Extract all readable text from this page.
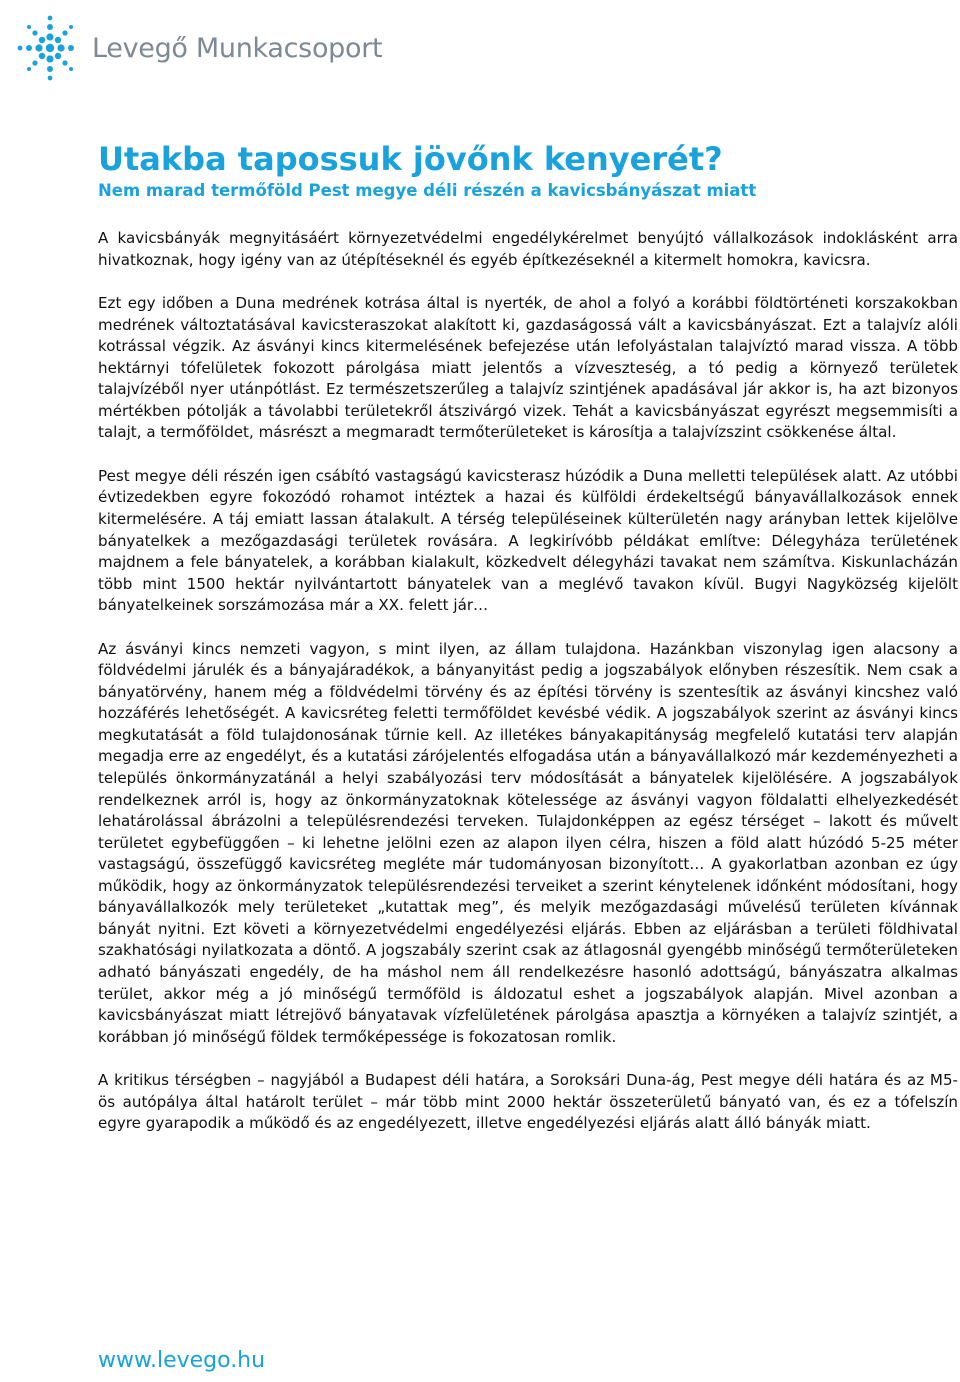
Levegő Munkacsoport
Utakba tapossuk jövőnk kenyerét?
Nem marad termőföld Pest megye déli részén a kavicsbányászat miatt

A kavicsbányák megnyitásáért környezetvédelmi engedélykérelmet benyújtó vállalkozások indoklásként arra hivatkoznak, hogy igény van az útépítéseknél és egyéb építkezéseknél a kitermelt homokra, kavicsra.

Ezt egy időben a Duna medrének kotrása által is nyerték, de ahol a folyó a korábbi földtörténeti korszakokban medrének változtatásával kavicsteraszokat alakított ki, gazdaságossá vált a kavicsbányászat. Ezt a talajvíz alóli kotrással végzik. Az ásványi kincs kitermelésének befejezése után lefolyástalan talajvíztó marad vissza. A több hektárnyi tófelületek fokozott párolgása miatt jelentős a vízveszteség, a tó pedig a környező területek talajvízéből nyer utánpótlást. Ez természetszerűleg a talajvíz szintjének apadásával jár akkor is, ha azt bizonyos mértékben pótolják a távolabbi területekről átszivárgó vizek. Tehát a kavicsbányászat egyrészt megsemmisíti a talajt, a termőföldet, másrészt a megmaradt termőterületeket is károsítja a talajvízszint csökkenése által.

Pest megye déli részén igen csábító vastagságú kavicsterasz húzódik a Duna melletti települések alatt. Az utóbbi évtizedekben egyre fokozódó rohamot intéztek a hazai és külföldi érdekeltségű bányavállalkozások ennek kitermelésére. A táj emiatt lassan átalakult. A térség településeinek külterületén nagy arányban lettek kijelölve bányatelkek a mezőgazdasági területek rovására. A legkirívóbb példákat említve: Délegyháza területének majdnem a fele bányatelek, a korábban kialakult, közkedvelt délegyházi tavakat nem számítva. Kiskunlacházán több mint 1500 hektár nyilvántartott bányatelek van a meglévő tavakon kívül. Bugyi Nagyközség kijelölt bányatelkeinek sorszámozása már a XX. felett jár…

Az ásványi kincs nemzeti vagyon, s mint ilyen, az állam tulajdona. Hazánkban viszonylag igen alacsony a földvédelmi járulék és a bányajáradékok, a bányanyitást pedig a jogszabályok előnyben részesítik. Nem csak a bányatörvény, hanem még a földvédelmi törvény és az építési törvény is szentesítik az ásványi kincshez való hozzáférés lehetőségét. A kavicsréteg feletti termőföldet kevésbé védik. A jogszabályok szerint az ásványi kincs megkutatását a föld tulajdonosának tűrnie kell. Az illetékes bányakapitányság megfelelő kutatási terv alapján megadja erre az engedélyt, és a kutatási zárójelentés elfogadása után a bányavállalkozó már kezdeményezheti a település önkormányzatánál a helyi szabályozási terv módosítását a bányatelek kijelölésére. A jogszabályok rendelkeznek arról is, hogy az önkormányzatoknak kötelessége az ásványi vagyon földalatti elhelyezkedését lehatárolással ábrázolni a településrendezési terveken. Tulajdonképpen az egész térséget – lakott és művelt területet egybefüggően – ki lehetne jelölni ezen az alapon ilyen célra, hiszen a föld alatt húzódó 5-25 méter vastagságú, összefüggő kavicsréteg megléte már tudományosan bizonyított… A gyakorlatban azonban ez úgy működik, hogy az önkormányzatok településrendezési terveiket a szerint kénytelenek időnként módosítani, hogy bányavállalkozók mely területeket „kutattak meg”, és melyik mezőgazdasági művelésű területen kívánnak bányát nyitni. Ezt követi a környezetvédelmi engedélyezési eljárás. Ebben az eljárásban a területi földhivatal szakhatósági nyilatkozata a döntő. A jogszabály szerint csak az átlagosnál gyengébb minőségű termőterületeken adható bányászati engedély, de ha máshol nem áll rendelkezésre hasonló adottságú, bányászatra alkalmas terület, akkor még a jó minőségű termőföld is áldozatul eshet a jogszabályok alapján. Mivel azonban a kavicsbányászat miatt létrejövő bányatavak vízfelületének párolgása apasztja a környéken a talajvíz szintjét, a korábban jó minőségű földek termőképessége is fokozatosan romlik.

A kritikus térségben – nagyjából a Budapest déli határa, a Soroksári Duna-ág, Pest megye déli határa és az M5-ös autópálya által határolt terület – már több mint 2000 hektár összeterületű bányató van, és ez a tófelszín egyre gyarapodik a működő és az engedélyezett, illetve engedélyezési eljárás alatt álló bányák miatt.

www.levego.hu
